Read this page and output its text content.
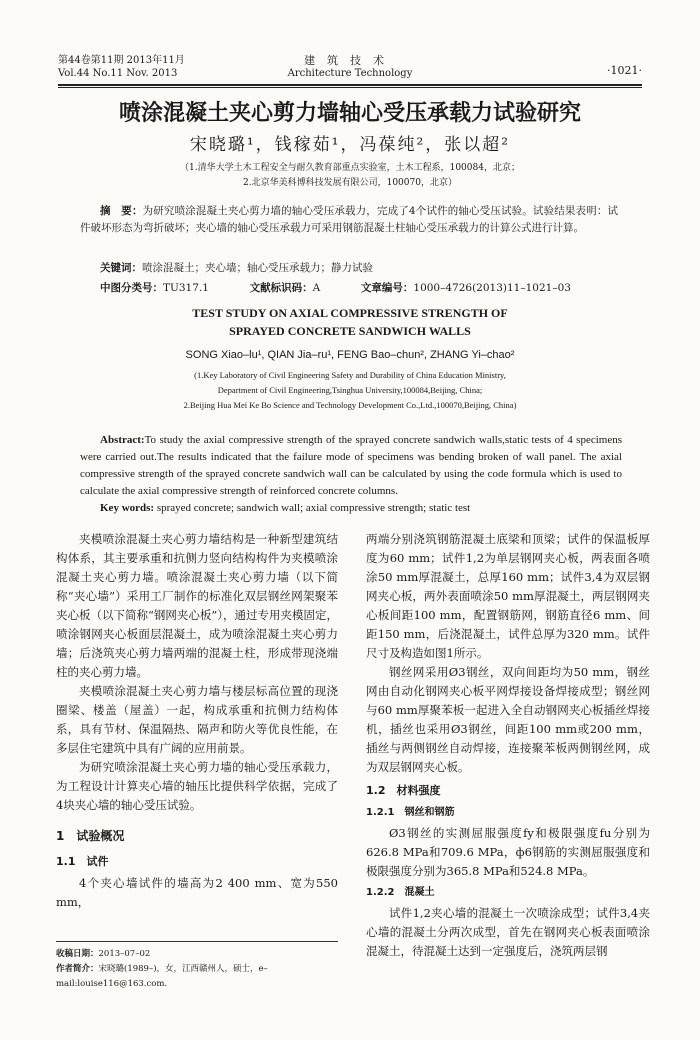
第44卷第11期 2013年11月
Vol.44 No.11 Nov. 2013
建筑技术
Architecture Technology	·1021·
喷涂混凝土夹心剪力墙轴心受压承载力试验研究
宋晓璐¹，钱稼茹¹，冯葆纯²，张以超²
（1.清华大学土木工程安全与耐久教育部重点实验室，土木工程系，100084，北京；
2.北京华美科博科技发展有限公司，100070，北京）
摘　要：为研究喷涂混凝土夹心剪力墙的轴心受压承载力，完成了4个试件的轴心受压试验。试验结果表明：试件破坏形态为弯折破坏；夹心墙的轴心受压承载力可采用钢筋混凝土柱轴心受压承载力的计算公式进行计算。
关键词：喷涂混凝土；夹心墙；轴心受压承载力；静力试验
中图分类号：TU317.1	文献标识码：A	文章编号：1000–4726(2013)11–1021–03
TEST STUDY ON AXIAL COMPRESSIVE STRENGTH OF
SPRAYED CONCRETE SANDWICH WALLS
SONG Xiao–lu¹, QIAN Jia–ru¹, FENG Bao–chun², ZHANG Yi–chao²
(1.Key Laboratory of Civil Engineering Safety and Durability of China Education Ministry,
Department of Civil Engineering,Tsinghua University,100084,Beijing, China;
2.Beijing Hua Mei Ke Bo Science and Technology Development Co.,Ltd.,100070,Beijing, China)
Abstract:To study the axial compressive strength of the sprayed concrete sandwich walls,static tests of 4 specimens were carried out.The results indicated that the failure mode of specimens was bending broken of wall panel. The axial compressive strength of the sprayed concrete sandwich wall can be calculated by using the code formula which is used to calculate the axial compressive strength of reinforced concrete columns.
Key words: sprayed concrete; sandwich wall; axial compressive strength; static test

夹模喷涂混凝土夹心剪力墙结构是一种新型建筑结构体系，其主要承重和抗侧力竖向结构构件为夹模喷涂混凝土夹心剪力墙。喷涂混凝土夹心剪力墙（以下简称“夹心墙”）采用工厂制作的标准化双层钢丝网架聚苯夹心板（以下简称“钢网夹心板”），通过专用夹模固定，喷涂钢网夹心板面层混凝土，成为喷涂混凝土夹心剪力墙；后浇筑夹心剪力墙两端的混凝土柱，形成带现浇端柱的夹心剪力墙。

夹模喷涂混凝土夹心剪力墙与楼层标高位置的现浇圈梁、楼盖（屋盖）一起，构成承重和抗侧力结构体系，具有节材、保温隔热、隔声和防火等优良性能，在多层住宅建筑中具有广阔的应用前景。

为研究喷涂混凝土夹心剪力墙的轴心受压承载力，为工程设计计算夹心墙的轴压比提供科学依据，完成了4块夹心墙的轴心受压试验。

1　试验概况
1.1　试件

4个夹心墙试件的墙高为2 400 mm、宽为550 mm，

两端分别浇筑钢筋混凝土底梁和顶梁；试件的保温板厚度为60 mm；试件1,2为单层钢网夹心板，两表面各喷涂50 mm厚混凝土，总厚160 mm；试件3,4为双层钢网夹心板，两外表面喷涂50 mm厚混凝土，两层钢网夹心板间距100 mm，配置钢筋网，钢筋直径6 mm、间距150 mm，后浇混凝土，试件总厚为320 mm。试件尺寸及构造如图1所示。

钢丝网采用Ø3钢丝，双向间距均为50 mm，钢丝网由自动化钢网夹心板平网焊接设备焊接成型；钢丝网与60 mm厚聚苯板一起进入全自动钢网夹心板插丝焊接机，插丝也采用Ø3钢丝，间距100 mm或200 mm，插丝与两侧钢丝自动焊接，连接聚苯板两侧钢丝网，成为双层钢网夹心板。

1.2　材料强度
1.2.1　钢丝和钢筋

Ø3钢丝的实测屈服强度fy和极限强度fu分别为626.8 MPa和709.6 MPa，ф6钢筋的实测屈服强度和极限强度分别为365.8 MPa和524.8 MPa。

1.2.2　混凝土

试件1,2夹心墙的混凝土一次喷涂成型；试件3,4夹心墙的混凝土分两次成型，首先在钢网夹心板表面喷涂混凝土，待混凝土达到一定强度后，浇筑两层钢

收稿日期：2013–07–02
作者简介：宋晓璐(1989–)，女，江西赣州人，硕士，e–mail:louise116@163.com.
